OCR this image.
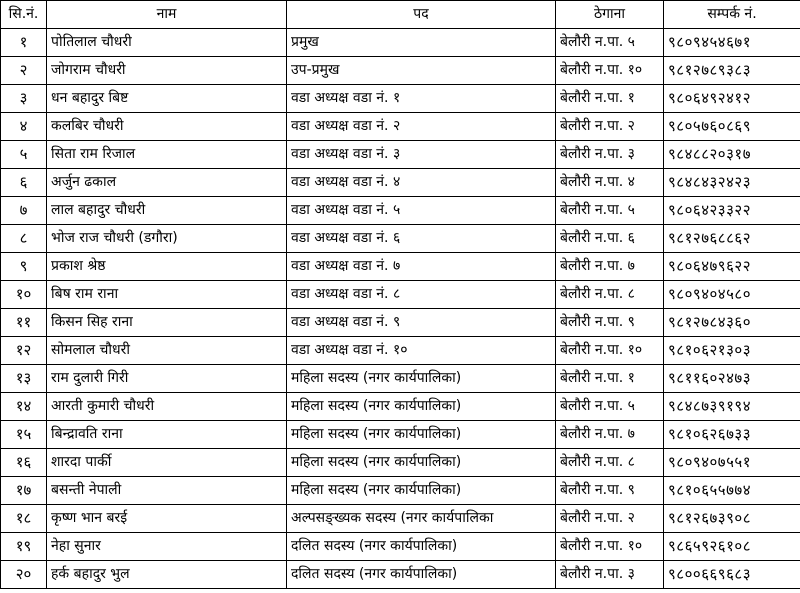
सि.नं.	नाम	पद	ठेगाना	सम्पर्क नं.
१	पोतिलाल चौधरी	प्रमुख	बेलौरी न.पा. ५	९८०९४५४६७१
२	जोगराम चौधरी	उप-प्रमुख	बेलौरी न.पा. १०	९८१२७८९३८३
३	धन बहादुर बिष्ट	वडा अध्यक्ष वडा नं. १	बेलौरी न.पा. १	९८०६४९२४१२
४	कलबिर चौधरी	वडा अध्यक्ष वडा नं. २	बेलौरी न.पा. २	९८०५७६०८६९
५	सिता राम रिजाल	वडा अध्यक्ष वडा नं. ३	बेलौरी न.पा. ३	९८४८८२०३१७
६	अर्जुन ढकाल	वडा अध्यक्ष वडा नं. ४	बेलौरी न.पा. ४	९८४८४३२४२३
७	लाल बहादुर चौधरी	वडा अध्यक्ष वडा नं. ५	बेलौरी न.पा. ५	९८०६४२३३२२
८	भोज राज चौधरी (डगौरा)	वडा अध्यक्ष वडा नं. ६	बेलौरी न.पा. ६	९८१२७६८८६२
९	प्रकाश श्रेष्ठ	वडा अध्यक्ष वडा नं. ७	बेलौरी न.पा. ७	९८०६४७९६२२
१०	बिष राम राना	वडा अध्यक्ष वडा नं. ८	बेलौरी न.पा. ८	९८०९४०४५८०
११	किसन सिह राना	वडा अध्यक्ष वडा नं. ९	बेलौरी न.पा. ९	९८१२७८४३६०
१२	सोमलाल चौधरी	वडा अध्यक्ष वडा नं. १०	बेलौरी न.पा. १०	९८१०६२१३०३
१३	राम दुलारी गिरी	महिला सदस्य (नगर कार्यपालिका)	बेलौरी न.पा. १	९८११६०२४७३
१४	आरती कुमारी चौधरी	महिला सदस्य (नगर कार्यपालिका)	बेलौरी न.पा. ५	९८४८७३९१९४
१५	बिन्द्रावति राना	महिला सदस्य (नगर कार्यपालिका)	बेलौरी न.पा. ७	९८१०६२६७३३
१६	शारदा पार्की	महिला सदस्य (नगर कार्यपालिका)	बेलौरी न.पा. ८	९८०९४०७५५१
१७	बसन्ती नेपाली	महिला सदस्य (नगर कार्यपालिका)	बेलौरी न.पा. ९	९८१०६५५७७४
१८	कृष्ण भान बरई	अल्पसङ्ख्यक सदस्य (नगर कार्यपालिका	बेलौरी न.पा. २	९८१२६७३९०८
१९	नेहा सुनार	दलित सदस्य (नगर कार्यपालिका)	बेलौरी न.पा. १०	९८६५९२६१०८
२०	हर्क बहादुर भुल	दलित सदस्य (नगर कार्यपालिका)	बेलौरी न.पा. ३	९८००६६९६८३
